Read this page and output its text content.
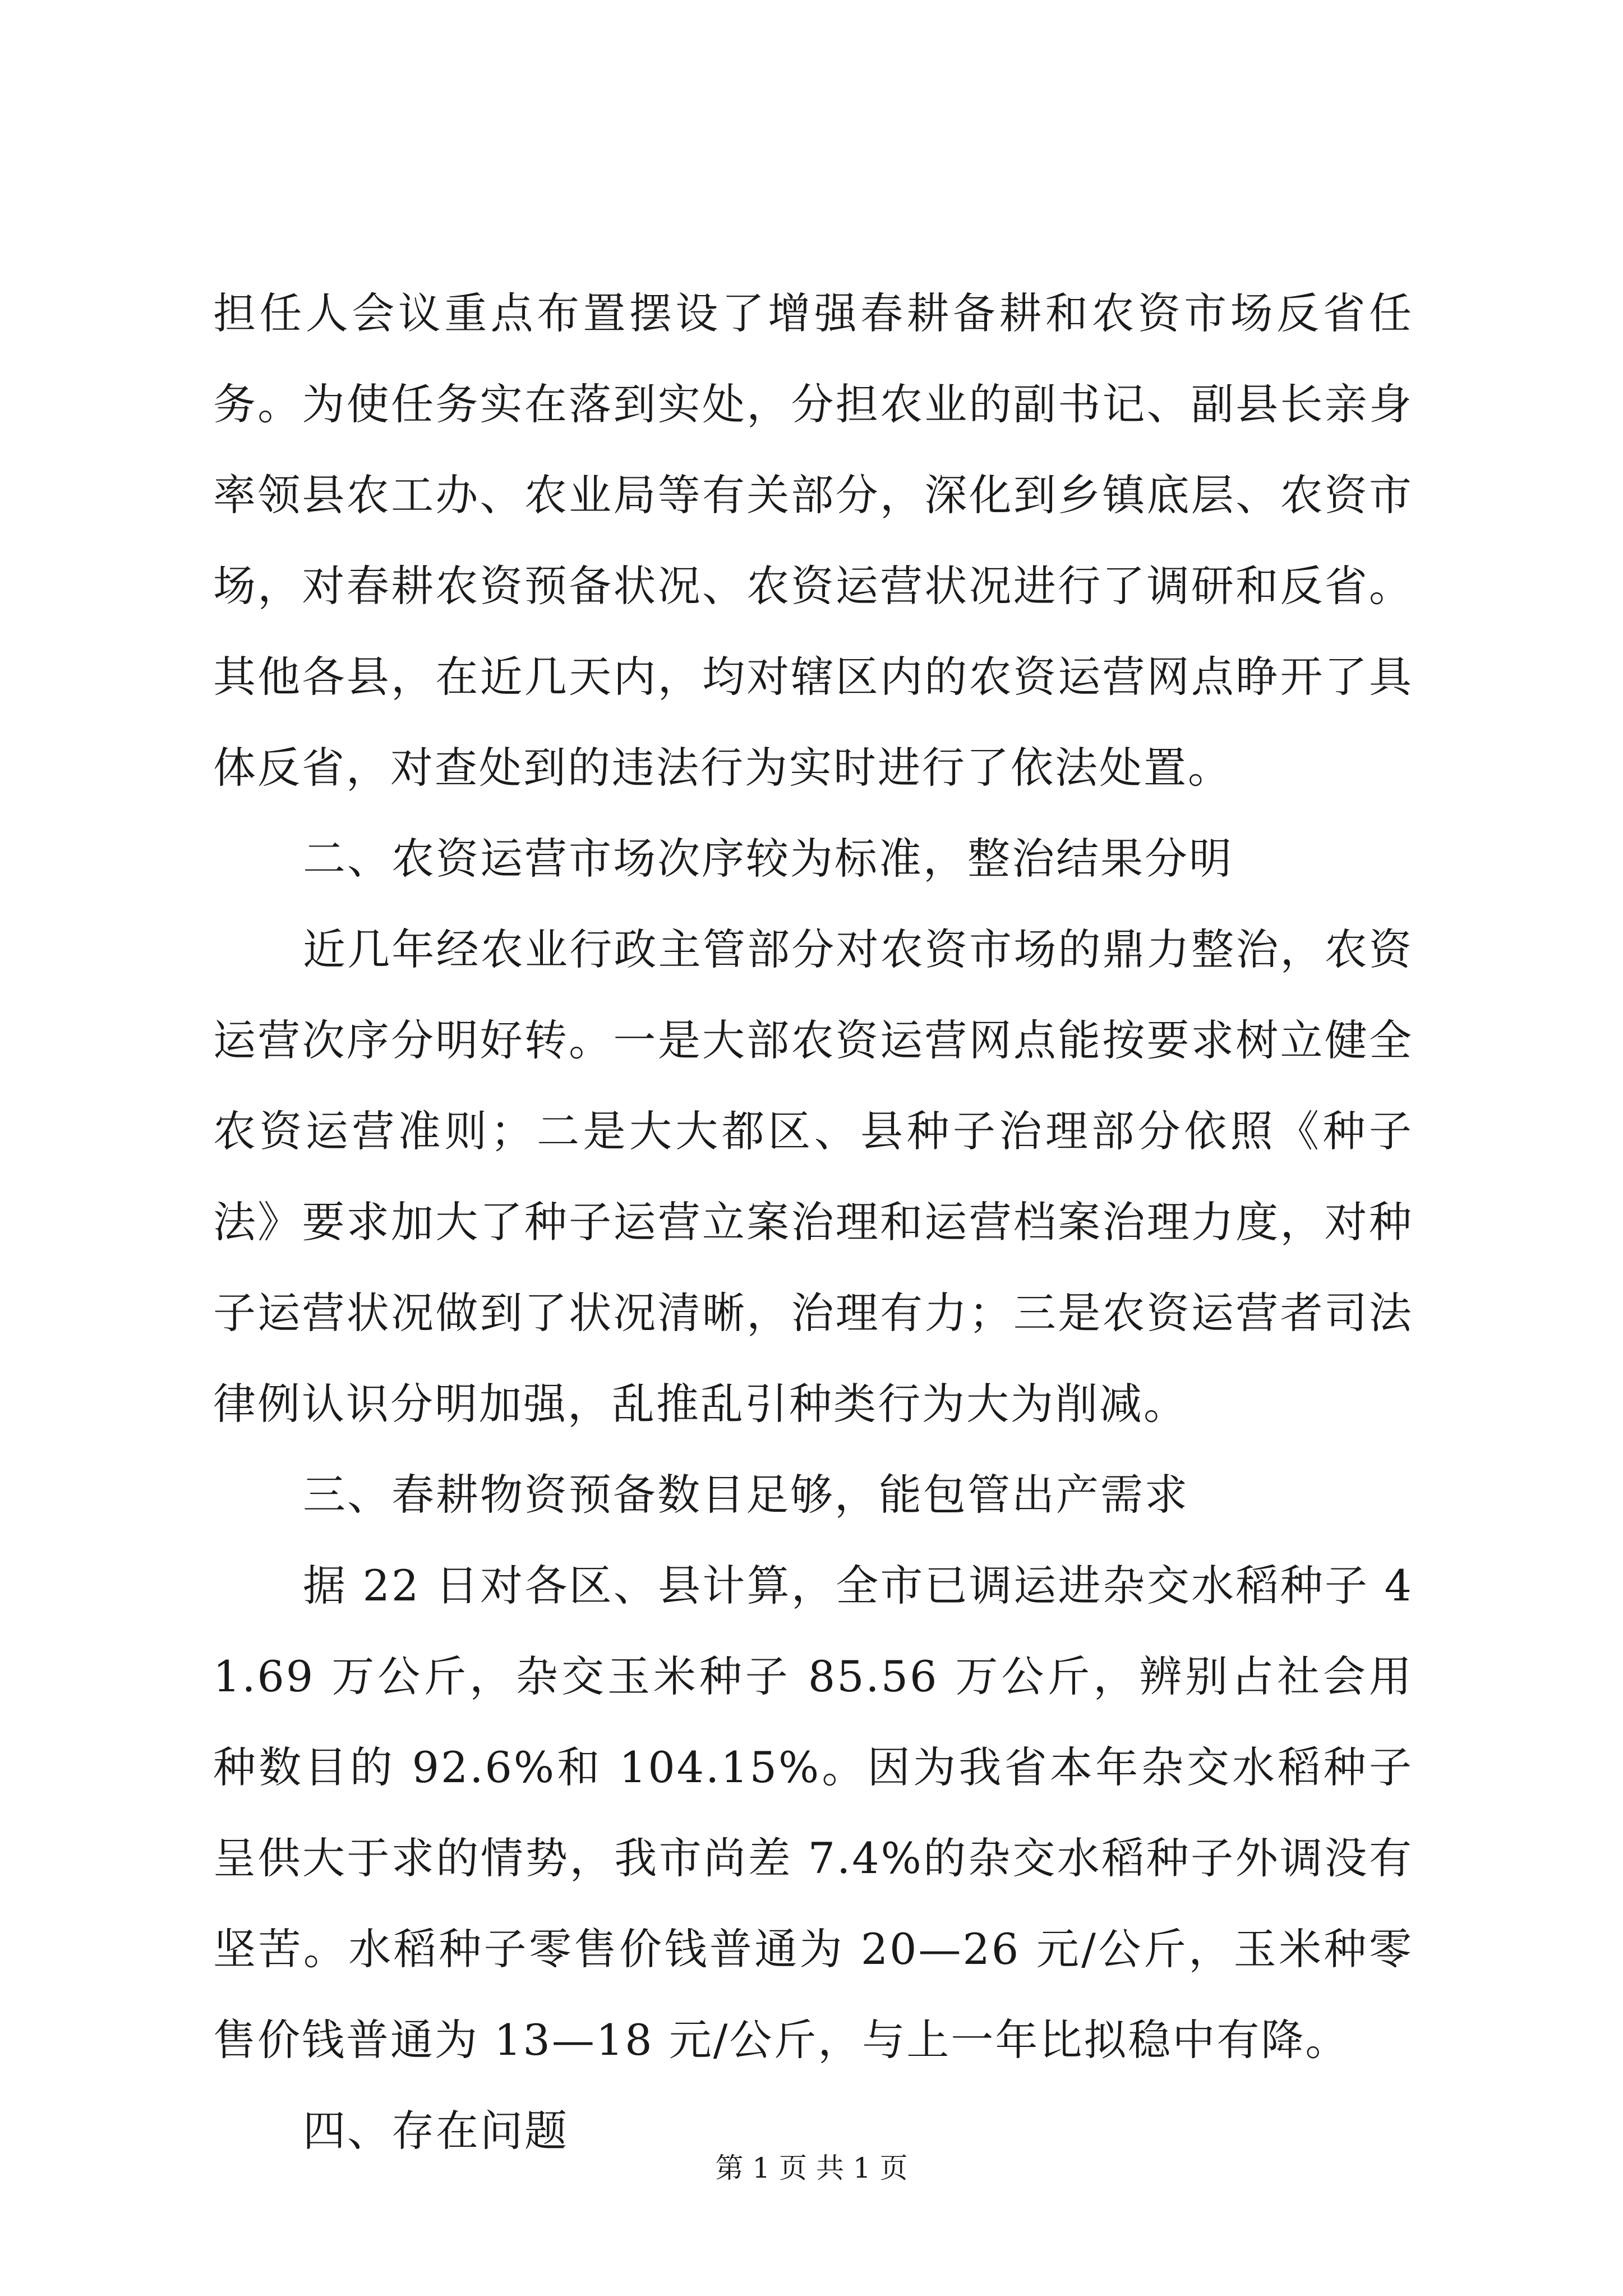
担任人会议重点布置摆设了增强春耕备耕和农资市场反省任务。为使任务实在落到实处，分担农业的副书记、副县长亲身率领县农工办、农业局等有关部分，深化到乡镇底层、农资市场，对春耕农资预备状况、农资运营状况进行了调研和反省。其他各县，在近几天内，均对辖区内的农资运营网点睁开了具体反省，对查处到的违法行为实时进行了依法处置。

二、农资运营市场次序较为标准，整治结果分明

近几年经农业行政主管部分对农资市场的鼎力整治，农资运营次序分明好转。一是大部农资运营网点能按要求树立健全农资运营准则；二是大大都区、县种子治理部分依照《种子法》要求加大了种子运营立案治理和运营档案治理力度，对种子运营状况做到了状况清晰，治理有力；三是农资运营者司法律例认识分明加强，乱推乱引种类行为大为削减。

三、春耕物资预备数目足够，能包管出产需求

据 22 日对各区、县计算，全市已调运进杂交水稻种子 41.69 万公斤，杂交玉米种子 85.56 万公斤，辨别占社会用种数目的 92.6%和 104.15%。因为我省本年杂交水稻种子呈供大于求的情势，我市尚差 7.4%的杂交水稻种子外调没有坚苦。水稻种子零售价钱普通为 20—26 元/公斤，玉米种零售价钱普通为 13—18 元/公斤，与上一年比拟稳中有降。

四、存在问题

第 1 页 共 1 页
